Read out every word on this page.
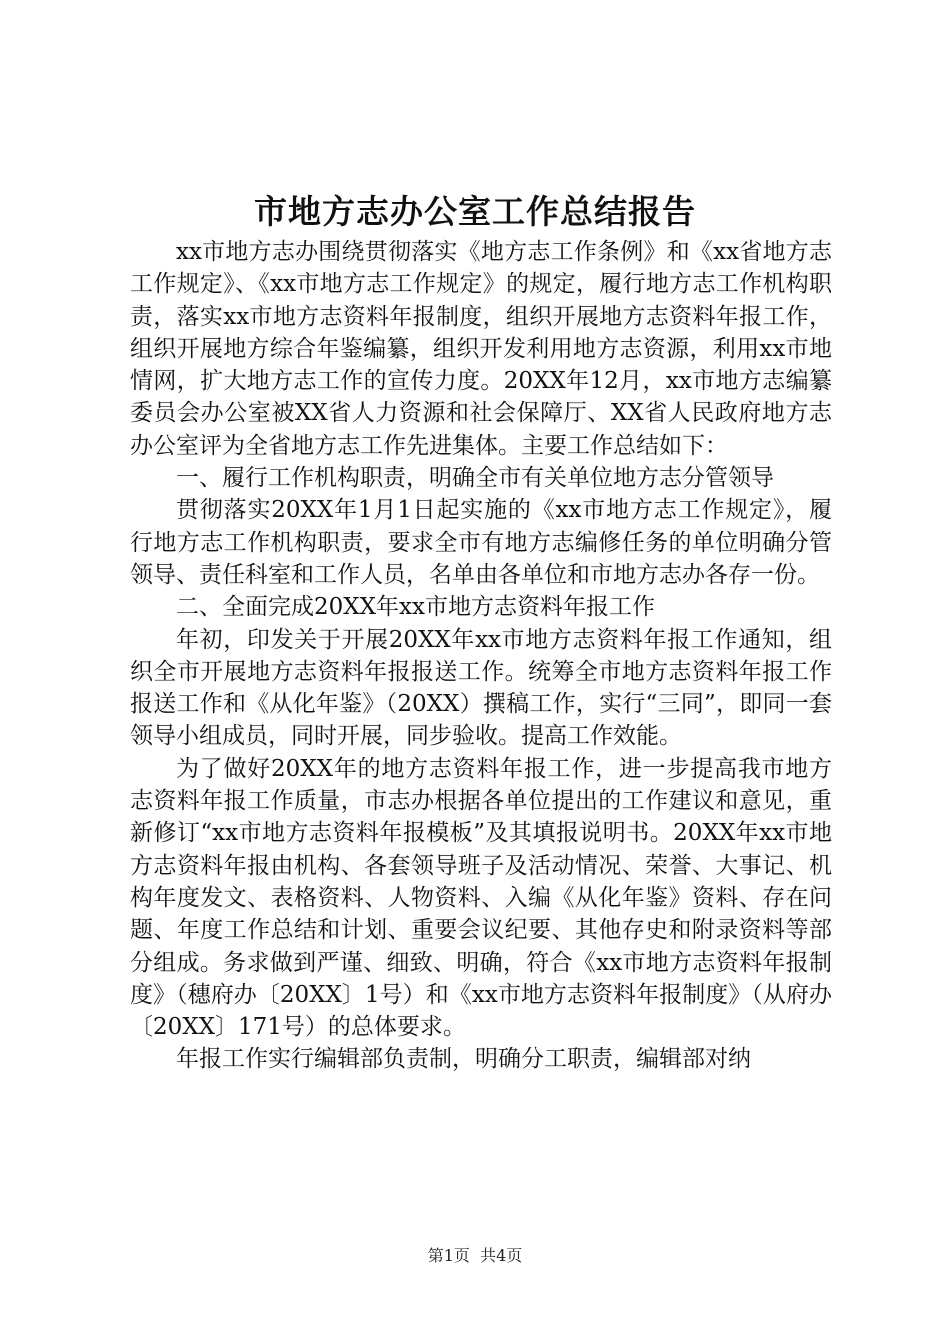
市地方志办公室工作总结报告

xx市地方志办围绕贯彻落实《地方志工作条例》和《xx省地方志工作规定》、《xx市地方志工作规定》的规定，履行地方志工作机构职责，落实xx市地方志资料年报制度，组织开展地方志资料年报工作，组织开展地方综合年鉴编纂，组织开发利用地方志资源，利用xx市地情网，扩大地方志工作的宣传力度。20XX年12月，xx市地方志编纂委员会办公室被XX省人力资源和社会保障厅、XX省人民政府地方志办公室评为全省地方志工作先进集体。主要工作总结如下：

一、履行工作机构职责，明确全市有关单位地方志分管领导

贯彻落实20XX年1月1日起实施的《xx市地方志工作规定》，履行地方志工作机构职责，要求全市有地方志编修任务的单位明确分管领导、责任科室和工作人员，名单由各单位和市地方志办各存一份。

二、全面完成20XX年xx市地方志资料年报工作

年初，印发关于开展20XX年xx市地方志资料年报工作通知，组织全市开展地方志资料年报报送工作。统筹全市地方志资料年报工作报送工作和《从化年鉴》（20XX）撰稿工作，实行“三同”，即同一套领导小组成员，同时开展，同步验收。提高工作效能。

为了做好20XX年的地方志资料年报工作，进一步提高我市地方志资料年报工作质量，市志办根据各单位提出的工作建议和意见，重新修订“xx市地方志资料年报模板”及其填报说明书。20XX年xx市地方志资料年报由机构、各套领导班子及活动情况、荣誉、大事记、机构年度发文、表格资料、人物资料、入编《从化年鉴》资料、存在问题、年度工作总结和计划、重要会议纪要、其他存史和附录资料等部分组成。务求做到严谨、细致、明确，符合《xx市地方志资料年报制度》（穗府办〔20XX〕1号）和《xx市地方志资料年报制度》（从府办〔20XX〕171号）的总体要求。

年报工作实行编辑部负责制，明确分工职责，编辑部对纳

第1页  共4页
